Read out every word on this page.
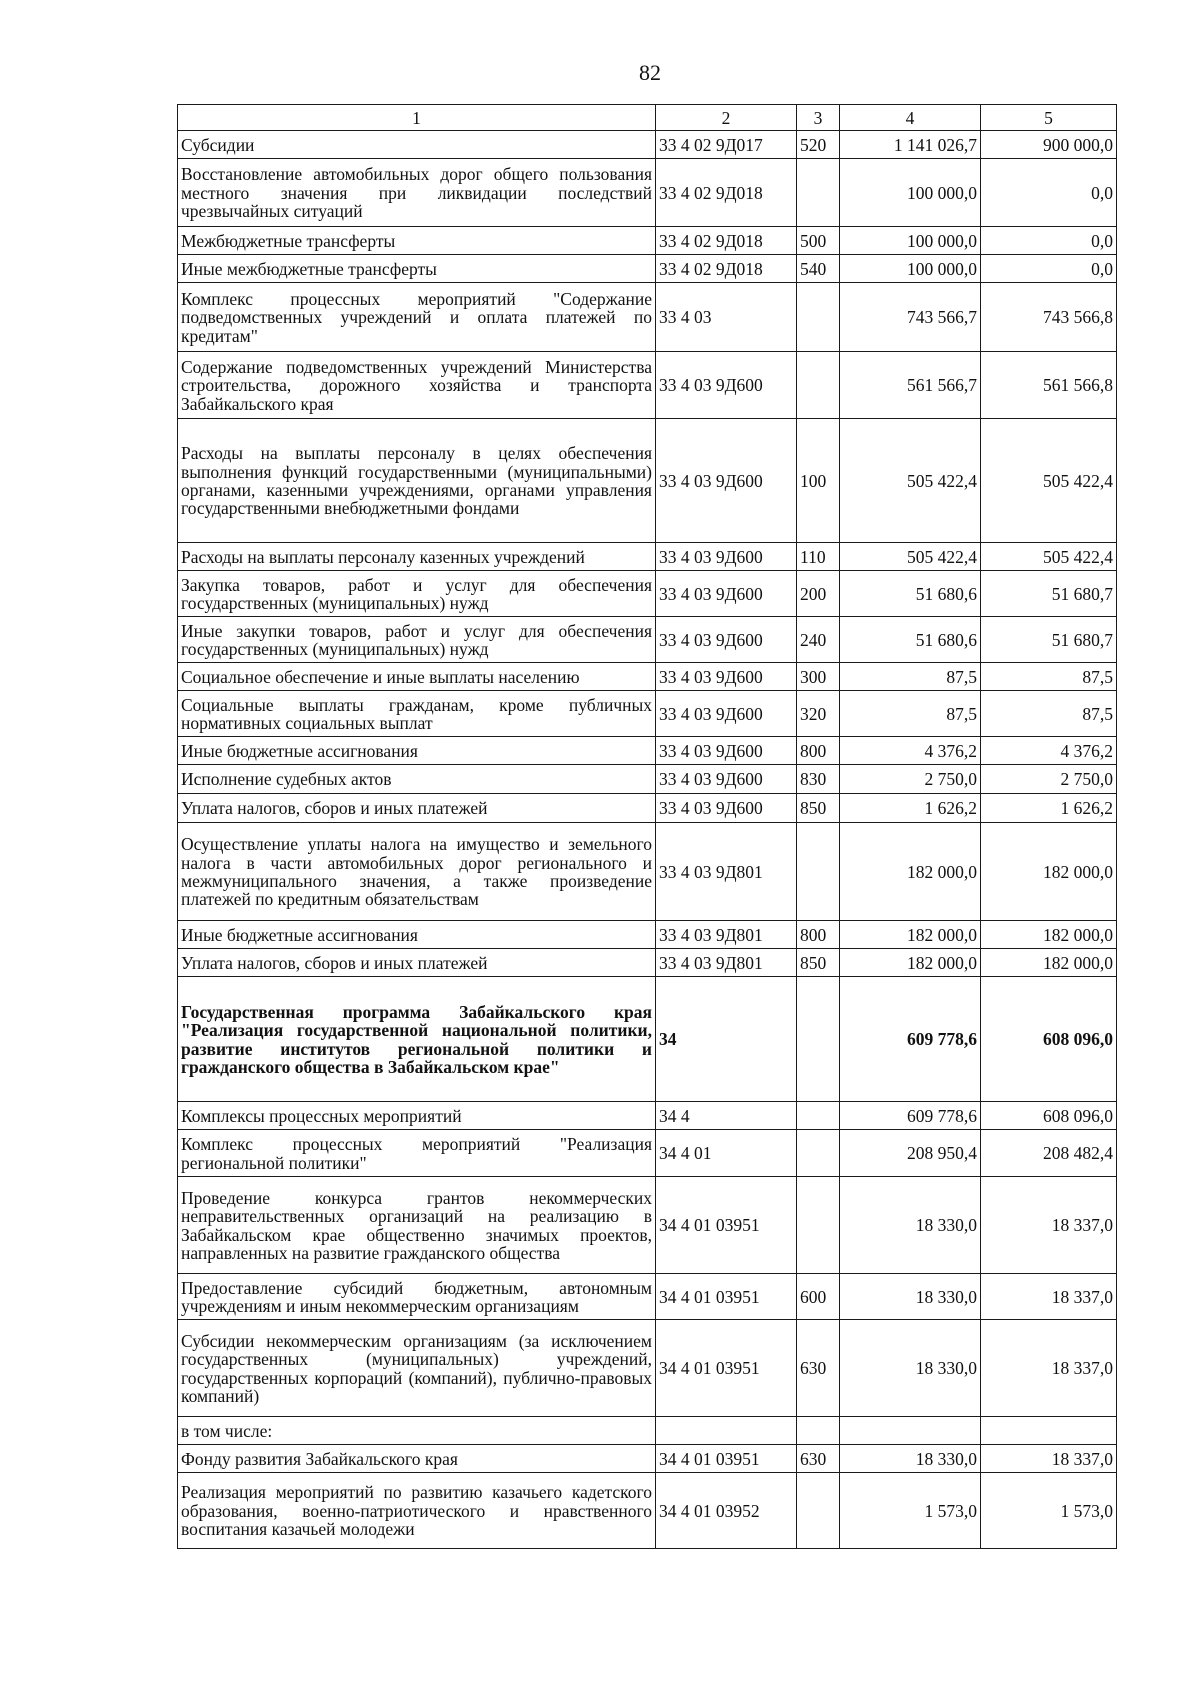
82
1	2	3	4	5
Субсидии	33 4 02 9Д017	520	1 141 026,7	900 000,0
Восстановление автомобильных дорог общего пользования местного значения при ликвидации последствий чрезвычайных ситуаций	33 4 02 9Д018		100 000,0	0,0
Межбюджетные трансферты	33 4 02 9Д018	500	100 000,0	0,0
Иные межбюджетные трансферты	33 4 02 9Д018	540	100 000,0	0,0
Комплекс процессных мероприятий "Содержание подведомственных учреждений и оплата платежей по кредитам"	33 4 03		743 566,7	743 566,8
Содержание подведомственных учреждений Министерства строительства, дорожного хозяйства и транспорта Забайкальского края	33 4 03 9Д600		561 566,7	561 566,8
Расходы на выплаты персоналу в целях обеспечения выполнения функций государственными (муниципальными) органами, казенными учреждениями, органами управления государственными внебюджетными фондами	33 4 03 9Д600	100	505 422,4	505 422,4
Расходы на выплаты персоналу казенных учреждений	33 4 03 9Д600	110	505 422,4	505 422,4
Закупка товаров, работ и услуг для обеспечения государственных (муниципальных) нужд	33 4 03 9Д600	200	51 680,6	51 680,7
Иные закупки товаров, работ и услуг для обеспечения государственных (муниципальных) нужд	33 4 03 9Д600	240	51 680,6	51 680,7
Социальное обеспечение и иные выплаты населению	33 4 03 9Д600	300	87,5	87,5
Социальные выплаты гражданам, кроме публичных нормативных социальных выплат	33 4 03 9Д600	320	87,5	87,5
Иные бюджетные ассигнования	33 4 03 9Д600	800	4 376,2	4 376,2
Исполнение судебных актов	33 4 03 9Д600	830	2 750,0	2 750,0
Уплата налогов, сборов и иных платежей	33 4 03 9Д600	850	1 626,2	1 626,2
Осуществление уплаты налога на имущество и земельного налога в части автомобильных дорог регионального и межмуниципального значения, а также произведение платежей по кредитным обязательствам	33 4 03 9Д801		182 000,0	182 000,0
Иные бюджетные ассигнования	33 4 03 9Д801	800	182 000,0	182 000,0
Уплата налогов, сборов и иных платежей	33 4 03 9Д801	850	182 000,0	182 000,0
Государственная программа Забайкальского края "Реализация государственной национальной политики, развитие институтов региональной политики и гражданского общества в Забайкальском крае"	34		609 778,6	608 096,0
Комплексы процессных мероприятий	34 4		609 778,6	608 096,0
Комплекс процессных мероприятий "Реализация региональной политики"	34 4 01		208 950,4	208 482,4
Проведение конкурса грантов некоммерческих неправительственных организаций на реализацию в Забайкальском крае общественно значимых проектов, направленных на развитие гражданского общества	34 4 01 03951		18 330,0	18 337,0
Предоставление субсидий бюджетным, автономным учреждениям и иным некоммерческим организациям	34 4 01 03951	600	18 330,0	18 337,0
Субсидии некоммерческим организациям (за исключением государственных (муниципальных) учреждений, государственных корпораций (компаний), публично-правовых компаний)	34 4 01 03951	630	18 330,0	18 337,0
в том числе:				
Фонду развития Забайкальского края	34 4 01 03951	630	18 330,0	18 337,0
Реализация мероприятий по развитию казачьего кадетского образования, военно-патриотического и нравственного воспитания казачьей молодежи	34 4 01 03952		1 573,0	1 573,0
